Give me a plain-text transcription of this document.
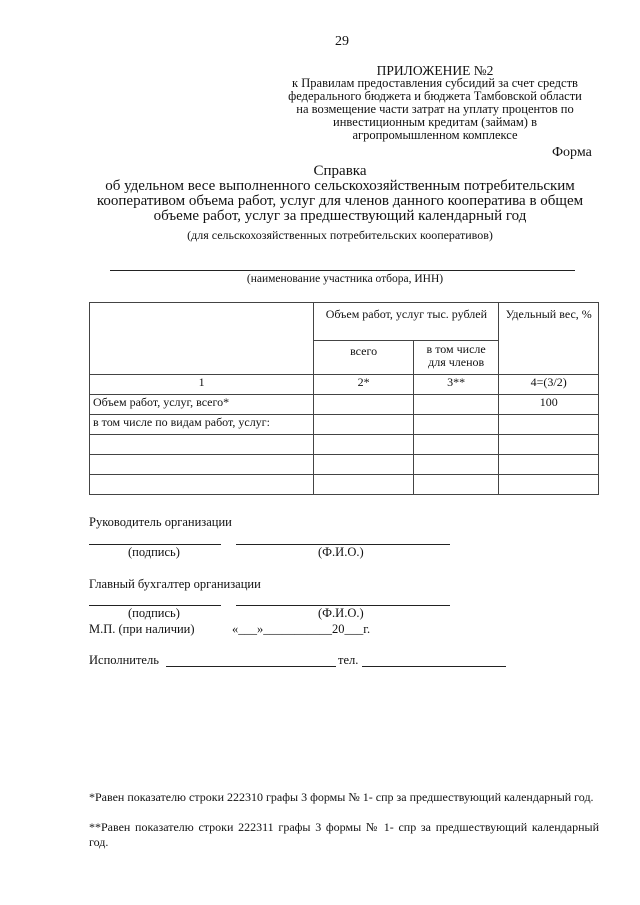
29
ПРИЛОЖЕНИЕ №2
к Правилам предоставления субсидий за счет средств
федерального бюджета и бюджета Тамбовской области
на возмещение части затрат на уплату процентов по
инвестиционным кредитам (займам) в
агропромышленном комплексе
Форма
Справка
об удельном весе выполненного сельскохозяйственным потребительским
кооперативом объема работ, услуг для членов данного кооператива в общем
объеме работ, услуг за предшествующий календарный год
(для сельскохозяйственных потребительских кооперативов)
(наименование участника отбора, ИНН)
	Объем работ, услуг тыс. рублей		Удельный вес, %
	всего	в том числе для членов	
1	2*	3**	4=(3/2)
Объем работ, услуг, всего*			100
в том числе по видам работ, услуг:			

Руководитель организации
(подпись)	(Ф.И.О.)
Главный бухгалтер организации
(подпись)	(Ф.И.О.)
М.П. (при наличии)	«___»___________20___г.
Исполнитель	тел.
*Равен показателю строки 222310 графы 3 формы № 1- спр за предшествующий календарный год.
**Равен показателю строки 222311 графы 3 формы № 1- спр за предшествующий календарный год.
